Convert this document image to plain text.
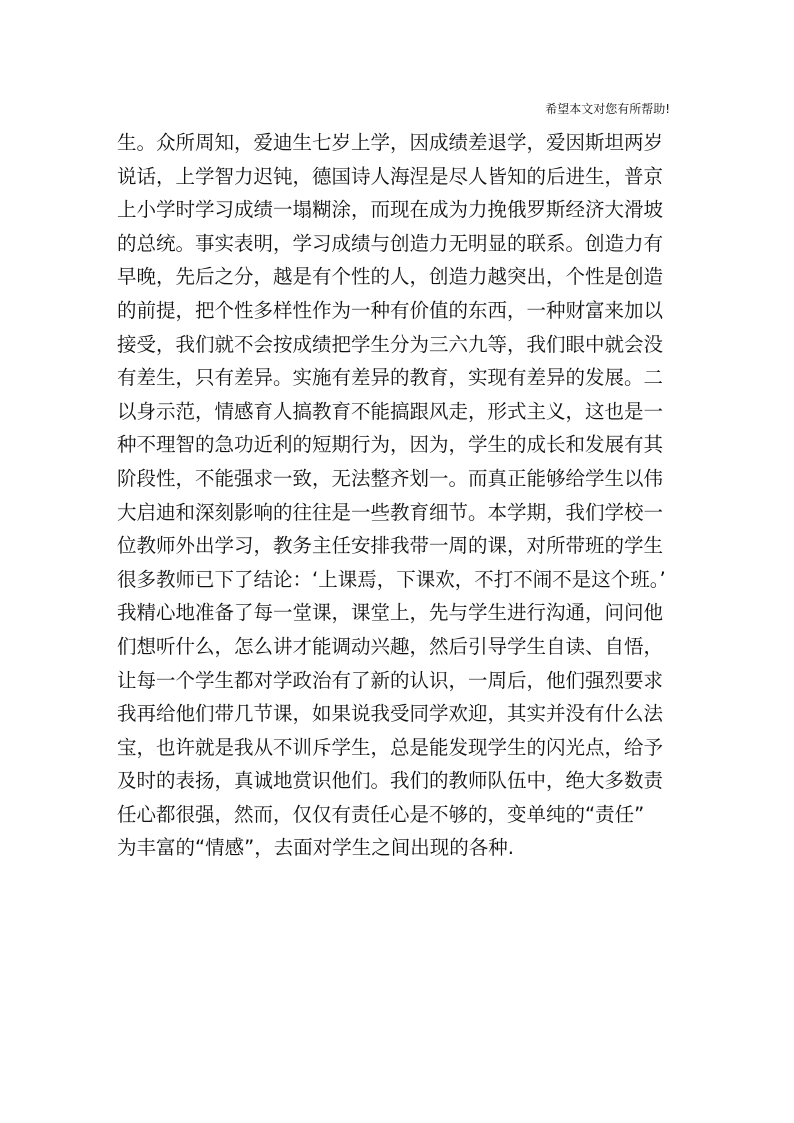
希望本文对您有所帮助!
生。众所周知，爱迪生七岁上学，因成绩差退学，爱因斯坦两岁
说话，上学智力迟钝，德国诗人海涅是尽人皆知的后进生，普京
上小学时学习成绩一塌糊涂，而现在成为力挽俄罗斯经济大滑坡
的总统。事实表明，学习成绩与创造力无明显的联系。创造力有
早晚，先后之分，越是有个性的人，创造力越突出，个性是创造
的前提，把个性多样性作为一种有价值的东西，一种财富来加以
接受，我们就不会按成绩把学生分为三六九等，我们眼中就会没
有差生，只有差异。实施有差异的教育，实现有差异的发展。二
以身示范，情感育人搞教育不能搞跟风走，形式主义，这也是一
种不理智的急功近利的短期行为，因为，学生的成长和发展有其
阶段性，不能强求一致，无法整齐划一。而真正能够给学生以伟
大启迪和深刻影响的往往是一些教育细节。本学期，我们学校一
位教师外出学习，教务主任安排我带一周的课，对所带班的学生
很多教师已下了结论：‘上课焉，下课欢，不打不闹不是这个班。’
我精心地准备了每一堂课，课堂上，先与学生进行沟通，问问他
们想听什么，怎么讲才能调动兴趣，然后引导学生自读、自悟，
让每一个学生都对学政治有了新的认识，一周后，他们强烈要求
我再给他们带几节课，如果说我受同学欢迎，其实并没有什么法
宝，也许就是我从不训斥学生，总是能发现学生的闪光点，给予
及时的表扬，真诚地赏识他们。我们的教师队伍中，绝大多数责
任心都很强，然而，仅仅有责任心是不够的，变单纯的“责任”
为丰富的“情感”，去面对学生之间出现的各种.
